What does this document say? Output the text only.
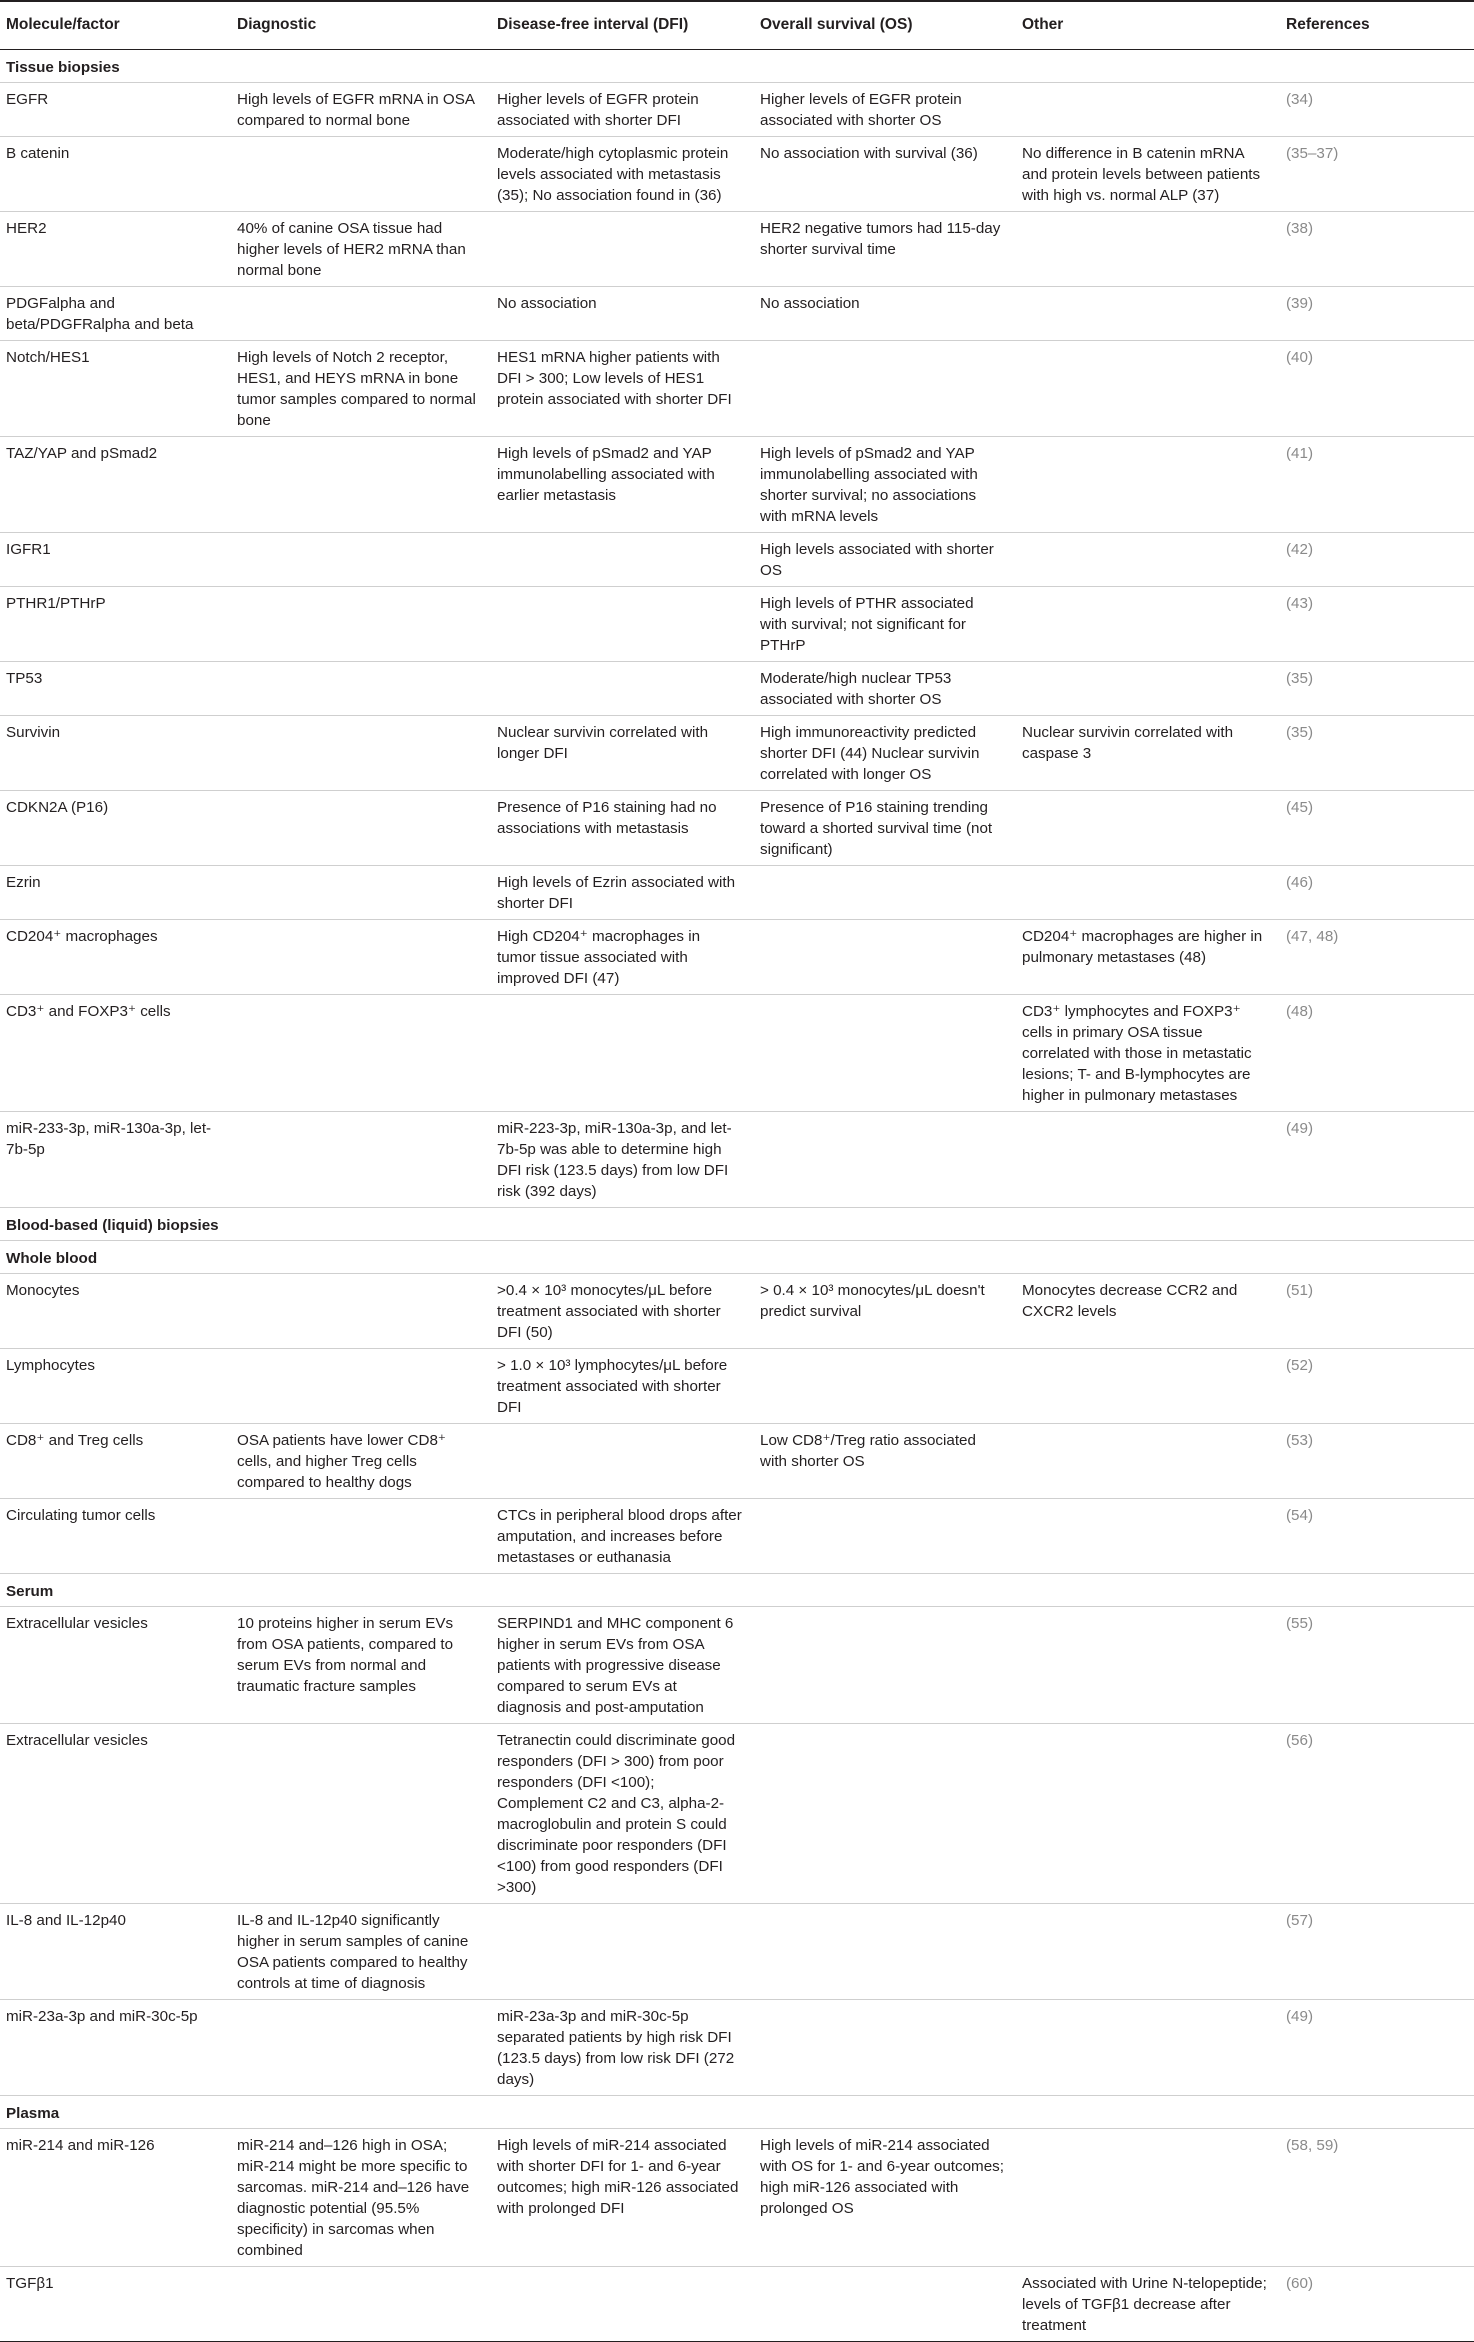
Molecule/factor	Diagnostic	Disease-free interval (DFI)	Overall survival (OS)	Other	References
Tissue biopsies					
EGFR	High levels of EGFR mRNA in OSA compared to normal bone	Higher levels of EGFR protein associated with shorter DFI	Higher levels of EGFR protein associated with shorter OS		(34)
B catenin		Moderate/high cytoplasmic protein levels associated with metastasis (35); No association found in (36)	No association with survival (36)	No difference in B catenin mRNA and protein levels between patients with high vs. normal ALP (37)	(35–37)
HER2	40% of canine OSA tissue had higher levels of HER2 mRNA than normal bone		HER2 negative tumors had 115-day shorter survival time		(38)
PDGFalpha and beta/PDGFRalpha and beta		No association	No association		(39)
Notch/HES1	High levels of Notch 2 receptor, HES1, and HEYS mRNA in bone tumor samples compared to normal bone	HES1 mRNA higher patients with DFI > 300; Low levels of HES1 protein associated with shorter DFI			(40)
TAZ/YAP and pSmad2		High levels of pSmad2 and YAP immunolabelling associated with earlier metastasis	High levels of pSmad2 and YAP immunolabelling associated with shorter survival; no associations with mRNA levels		(41)
IGFR1			High levels associated with shorter OS		(42)
PTHR1/PTHrP			High levels of PTHR associated with survival; not significant for PTHrP		(43)
TP53			Moderate/high nuclear TP53 associated with shorter OS		(35)
Survivin		Nuclear survivin correlated with longer DFI	High immunoreactivity predicted shorter DFI (44) Nuclear survivin correlated with longer OS	Nuclear survivin correlated with caspase 3	(35)
CDKN2A (P16)		Presence of P16 staining had no associations with metastasis	Presence of P16 staining trending toward a shorted survival time (not significant)		(45)
Ezrin		High levels of Ezrin associated with shorter DFI			(46)
CD204⁺ macrophages		High CD204⁺ macrophages in tumor tissue associated with improved DFI (47)		CD204⁺ macrophages are higher in pulmonary metastases (48)	(47, 48)
CD3⁺ and FOXP3⁺ cells				CD3⁺ lymphocytes and FOXP3⁺ cells in primary OSA tissue correlated with those in metastatic lesions; T- and B-lymphocytes are higher in pulmonary metastases	(48)
miR-233-3p, miR-130a-3p, let-7b-5p		miR-223-3p, miR-130a-3p, and let-7b-5p was able to determine high DFI risk (123.5 days) from low DFI risk (392 days)			(49)
Blood-based (liquid) biopsies					
Whole blood					
Monocytes		>0.4 × 10³ monocytes/μL before treatment associated with shorter DFI (50)	> 0.4 × 10³ monocytes/μL doesn't predict survival	Monocytes decrease CCR2 and CXCR2 levels	(51)
Lymphocytes		> 1.0 × 10³ lymphocytes/μL before treatment associated with shorter DFI			(52)
CD8⁺ and Treg cells	OSA patients have lower CD8⁺ cells, and higher Treg cells compared to healthy dogs		Low CD8⁺/Treg ratio associated with shorter OS		(53)
Circulating tumor cells		CTCs in peripheral blood drops after amputation, and increases before metastases or euthanasia			(54)
Serum					
Extracellular vesicles	10 proteins higher in serum EVs from OSA patients, compared to serum EVs from normal and traumatic fracture samples	SERPIND1 and MHC component 6 higher in serum EVs from OSA patients with progressive disease compared to serum EVs at diagnosis and post-amputation			(55)
Extracellular vesicles		Tetranectin could discriminate good responders (DFI > 300) from poor responders (DFI <100); Complement C2 and C3, alpha-2-macroglobulin and protein S could discriminate poor responders (DFI <100) from good responders (DFI >300)			(56)
IL-8 and IL-12p40	IL-8 and IL-12p40 significantly higher in serum samples of canine OSA patients compared to healthy controls at time of diagnosis				(57)
miR-23a-3p and miR-30c-5p		miR-23a-3p and miR-30c-5p separated patients by high risk DFI (123.5 days) from low risk DFI (272 days)			(49)
Plasma					
miR-214 and miR-126	miR-214 and–126 high in OSA; miR-214 might be more specific to sarcomas. miR-214 and–126 have diagnostic potential (95.5% specificity) in sarcomas when combined	High levels of miR-214 associated with shorter DFI for 1- and 6-year outcomes; high miR-126 associated with prolonged DFI	High levels of miR-214 associated with OS for 1- and 6-year outcomes; high miR-126 associated with prolonged OS		(58, 59)
TGFβ1				Associated with Urine N-telopeptide; levels of TGFβ1 decrease after treatment	(60)
